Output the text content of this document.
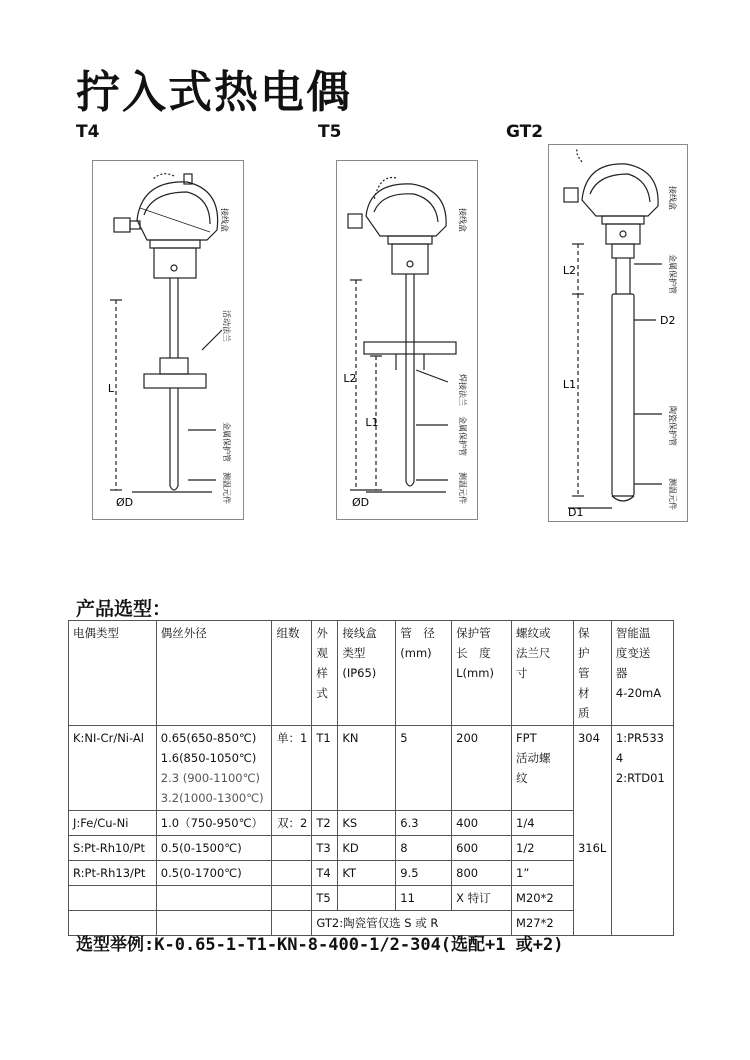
拧入式热电偶
T4	T5	GT2
L
ØD
接线盒
活动法兰
金属保护管
测温元件
L2
L1
ØD
接线盒
焊接法兰
金属保护管
测温元件
L2
D2
L1
D1
接线盒
金属保护管
陶瓷保护管
测温元件
产品选型：
电偶类型	偶丝外径	组数	外
观
样
式	接线盒
类型
(IP65)	管　径
(mm)	保护管
长　度
L(mm)	螺纹或
法兰尺
寸	保
护
管
材
质	智能温
度变送
器
4-20mA

K:NI-Cr/Ni-Al	0.65(650-850℃)
1.6(850-1050℃)
2.3 (900-1100℃)
3.2(1000-1300℃)	单：1	T1	KN	5	200	FPT
活动螺
纹	304	1:PR533
4
2:RTD01

J:Fe/Cu-Ni	1.0（750-950℃）	双：2	T2	KS	6.3	400	1/4		
S:Pt-Rh10/Pt	0.5(0-1500℃)		T3	KD	8	600	1/2	316L	
R:Pt-Rh13/Pt	0.5(0-1700℃)		T4	KT	9.5	800	1”		
			T5		11	X 特订	M20*2		
			GT2:陶瓷管仅选 S 或 R				M27*2		
选型举例:K-0.65-1-T1-KN-8-400-1/2-304(选配+1 或+2)
